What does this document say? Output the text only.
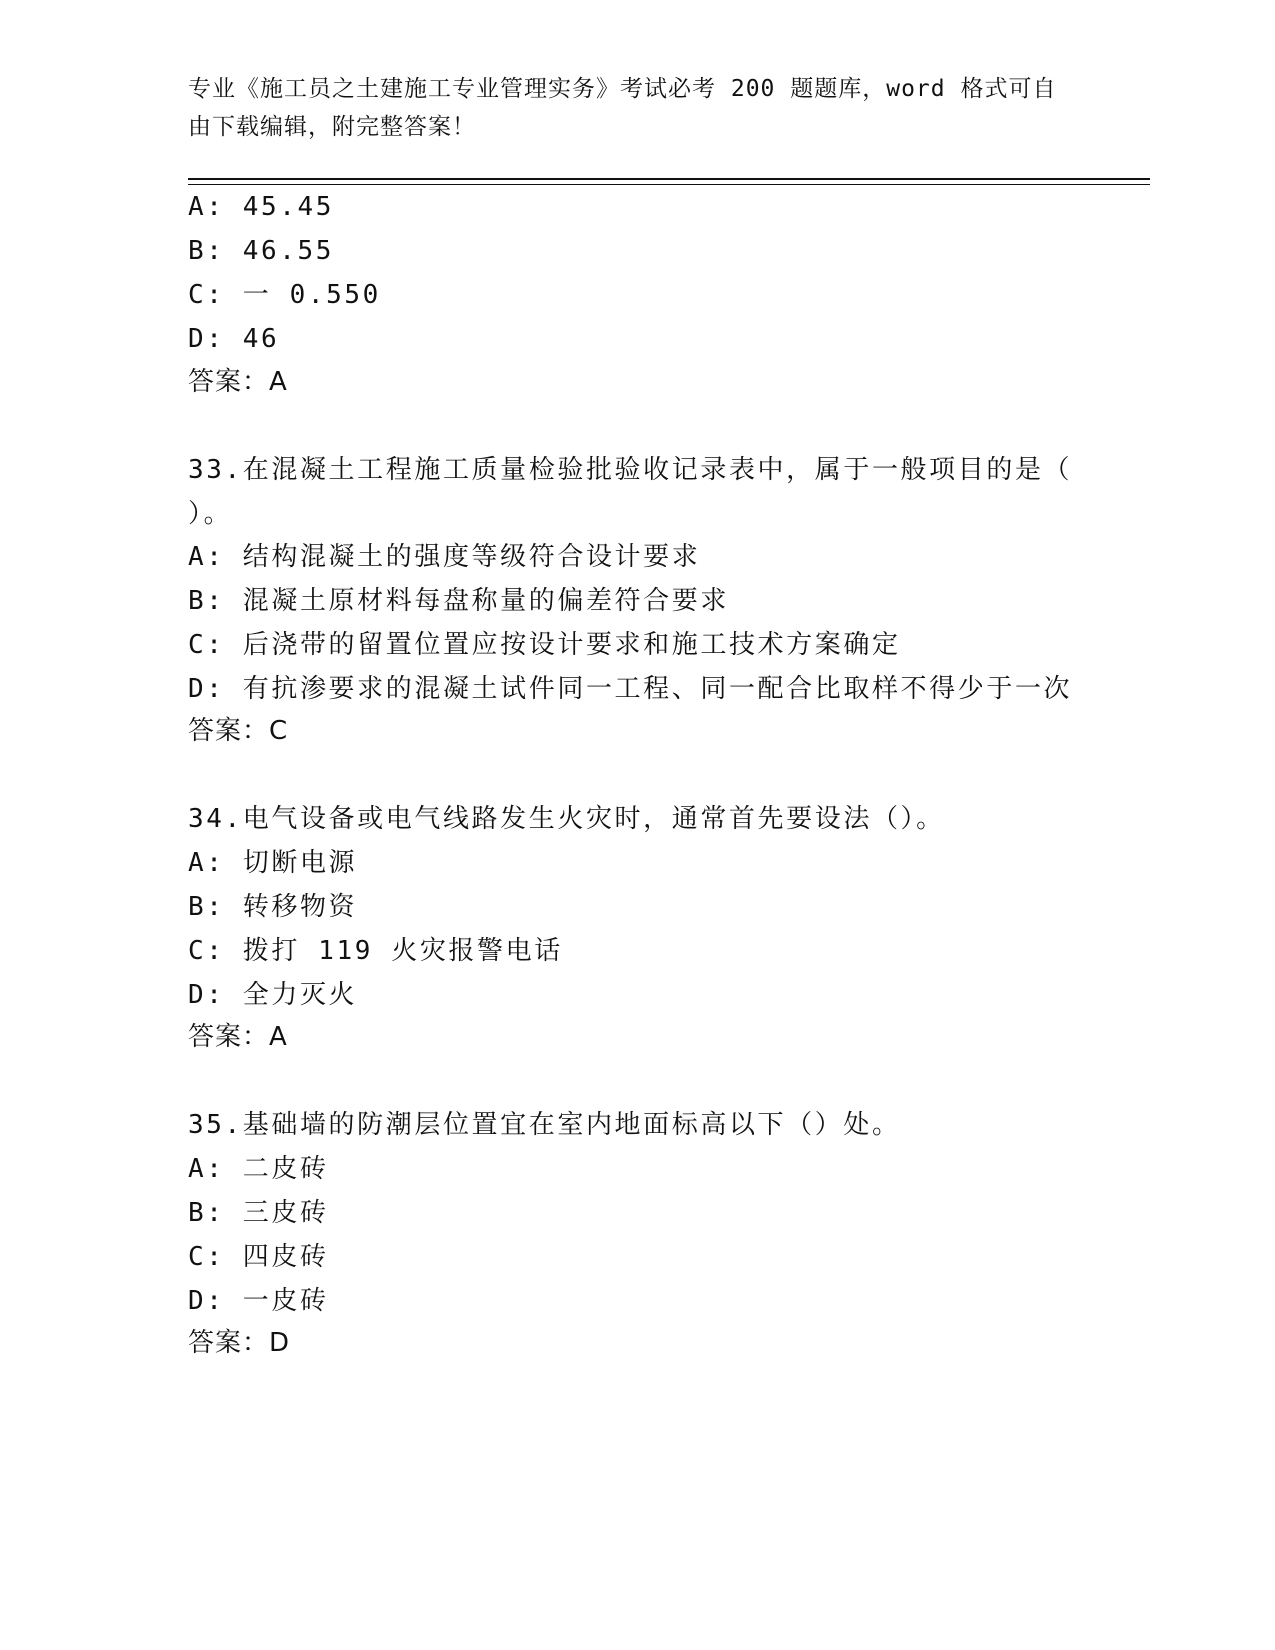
专业《施工员之土建施工专业管理实务》考试必考 200 题题库，word 格式可自由下载编辑，附完整答案！
A: 45.45
B: 46.55
C: 一 0.550
D: 46
答案：A
33.在混凝土工程施工质量检验批验收记录表中，属于一般项目的是（
）。
A: 结构混凝土的强度等级符合设计要求
B: 混凝土原材料每盘称量的偏差符合要求
C: 后浇带的留置位置应按设计要求和施工技术方案确定
D: 有抗渗要求的混凝土试件同一工程、同一配合比取样不得少于一次
答案：C
34.电气设备或电气线路发生火灾时，通常首先要设法（）。
A: 切断电源
B: 转移物资
C: 拨打 119 火灾报警电话
D: 全力灭火
答案：A
35.基础墙的防潮层位置宜在室内地面标高以下（）处。
A: 二皮砖
B: 三皮砖
C: 四皮砖
D: 一皮砖
答案：D
